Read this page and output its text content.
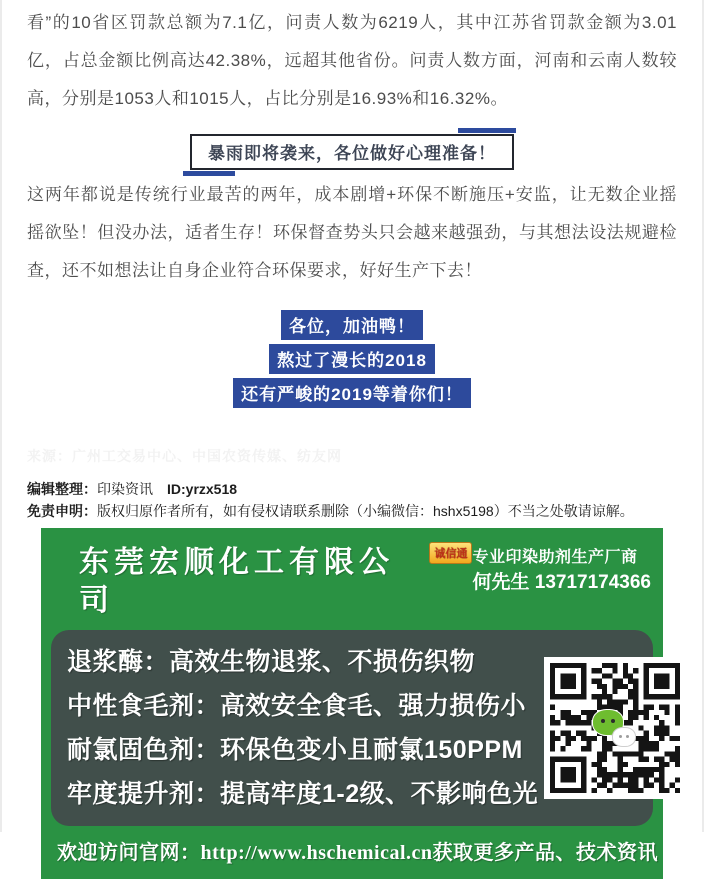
看”的10省区罚款总额为7.1亿，问责人数为6219人，其中江苏省罚款金额为3.01亿，占总金额比例高达42.38%，远超其他省份。问责人数方面，河南和云南人数较高，分别是1053人和1015人，占比分别是16.93%和16.32%。

暴雨即将袭来，各位做好心理准备！

这两年都说是传统行业最苦的两年，成本剧增+环保不断施压+安监，让无数企业摇摇欲坠！但没办法，适者生存！环保督查势头只会越来越强劲，与其想法设法规避检查，还不如想法让自身企业符合环保要求，好好生产下去！

各位，加油鸭！
熬过了漫长的2018
还有严峻的2019等着你们！
来源：广州工交易中心、中国农资传媒、纺友网
编辑整理：印染资讯 ID:yrzx518
免责申明：版权归原作者所有，如有侵权请联系删除（小编微信：hshx5198）不当之处敬请谅解。
东莞宏顺化工有限公司
诚信通 专业印染助剂生产厂商
何先生 13717174366
退浆酶：高效生物退浆、不损伤织物
中性食毛剂：高效安全食毛、强力损伤小
耐氯固色剂：环保色变小且耐氯150PPM
牢度提升剂：提高牢度1-2级、不影响色光
欢迎访问官网：http://www.hschemical.cn获取更多产品、技术资讯
